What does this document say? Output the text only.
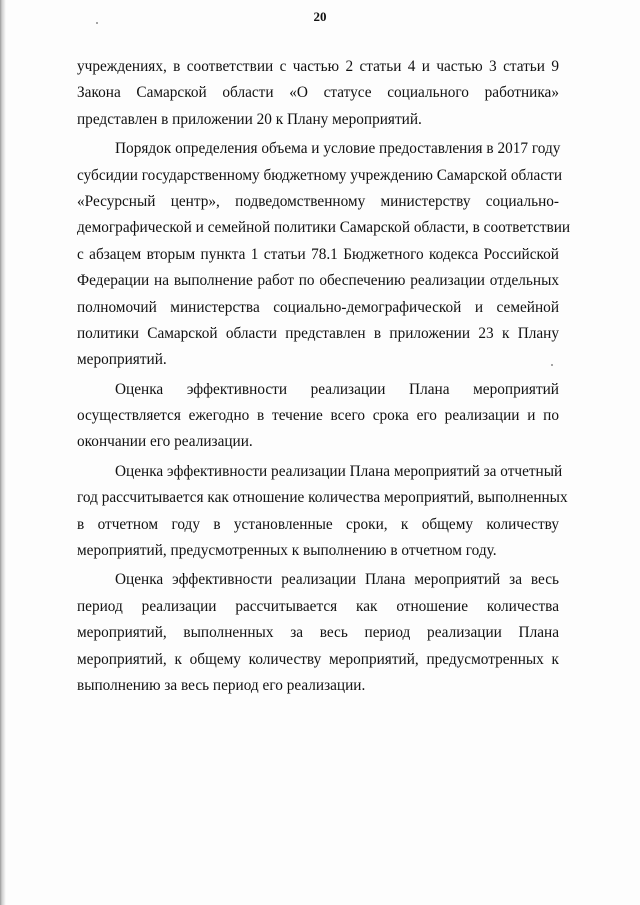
20

учреждениях, в соответствии с частью 2 статьи 4 и частью 3 статьи 9
Закона Самарской области «О статусе социального работника»
представлен в приложении 20 к Плану мероприятий.

Порядок определения объема и условие предоставления в 2017 году
субсидии государственному бюджетному учреждению Самарской области
«Ресурсный центр», подведомственному министерству социально-
демографической и семейной политики Самарской области, в соответствии
с абзацем вторым пункта 1 статьи 78.1 Бюджетного кодекса Российской
Федерации на выполнение работ по обеспечению реализации отдельных
полномочий министерства социально-демографической и семейной
политики Самарской области представлен в приложении 23 к Плану
мероприятий.

Оценка эффективности реализации Плана мероприятий
осуществляется ежегодно в течение всего срока его реализации и по
окончании его реализации.

Оценка эффективности реализации Плана мероприятий за отчетный
год рассчитывается как отношение количества мероприятий, выполненных
в отчетном году в установленные сроки, к общему количеству
мероприятий, предусмотренных к выполнению в отчетном году.

Оценка эффективности реализации Плана мероприятий за весь
период реализации рассчитывается как отношение количества
мероприятий, выполненных за весь период реализации Плана
мероприятий, к общему количеству мероприятий, предусмотренных к
выполнению за весь период его реализации.
